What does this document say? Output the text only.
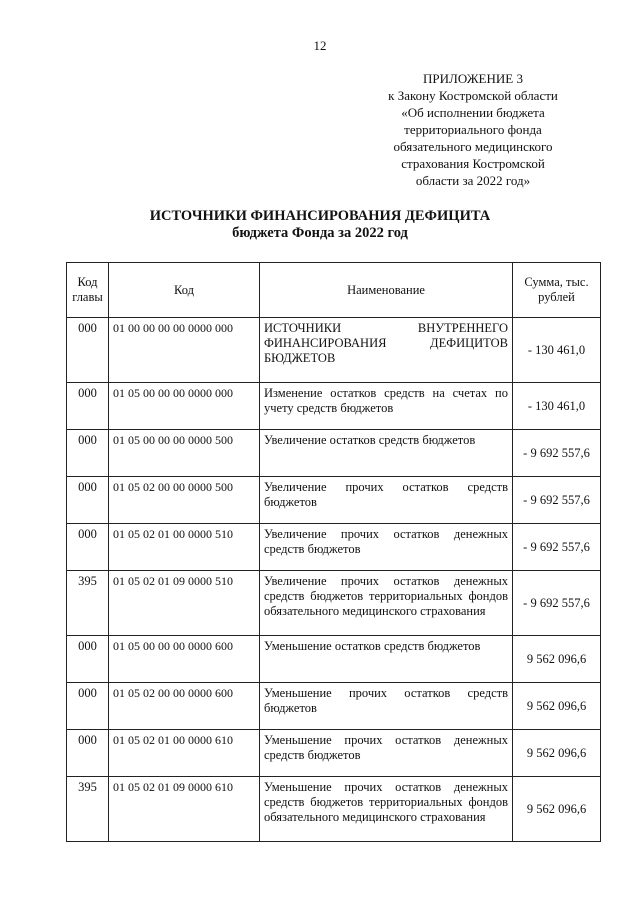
12
ПРИЛОЖЕНИЕ 3
к Закону Костромской области
«Об исполнении бюджета
территориального фонда
обязательного медицинского
страхования Костромской
области за 2022 год»
ИСТОЧНИКИ ФИНАНСИРОВАНИЯ ДЕФИЦИТА
бюджета Фонда за 2022 год
Код главы	Код	Наименование	Сумма, тыс. рублей
000	01 00 00 00 00 0000 000	ИСТОЧНИКИ ВНУТРЕННЕГО ФИНАНСИРОВАНИЯ ДЕФИЦИТОВ БЮДЖЕТОВ	- 130 461,0
000	01 05 00 00 00 0000 000	Изменение остатков средств на счетах по учету средств бюджетов	- 130 461,0
000	01 05 00 00 00 0000 500	Увеличение остатков средств бюджетов	- 9 692 557,6
000	01 05 02 00 00 0000 500	Увеличение прочих остатков средств бюджетов	- 9 692 557,6
000	01 05 02 01 00 0000 510	Увеличение прочих остатков денежных средств бюджетов	- 9 692 557,6
395	01 05 02 01 09 0000 510	Увеличение прочих остатков денежных средств бюджетов территориальных фондов обязательного медицинского страхования	- 9 692 557,6
000	01 05 00 00 00 0000 600	Уменьшение остатков средств бюджетов	9 562 096,6
000	01 05 02 00 00 0000 600	Уменьшение прочих остатков средств бюджетов	9 562 096,6
000	01 05 02 01 00 0000 610	Уменьшение прочих остатков денежных средств бюджетов	9 562 096,6
395	01 05 02 01 09 0000 610	Уменьшение прочих остатков денежных средств бюджетов территориальных фондов обязательного медицинского страхования	9 562 096,6
